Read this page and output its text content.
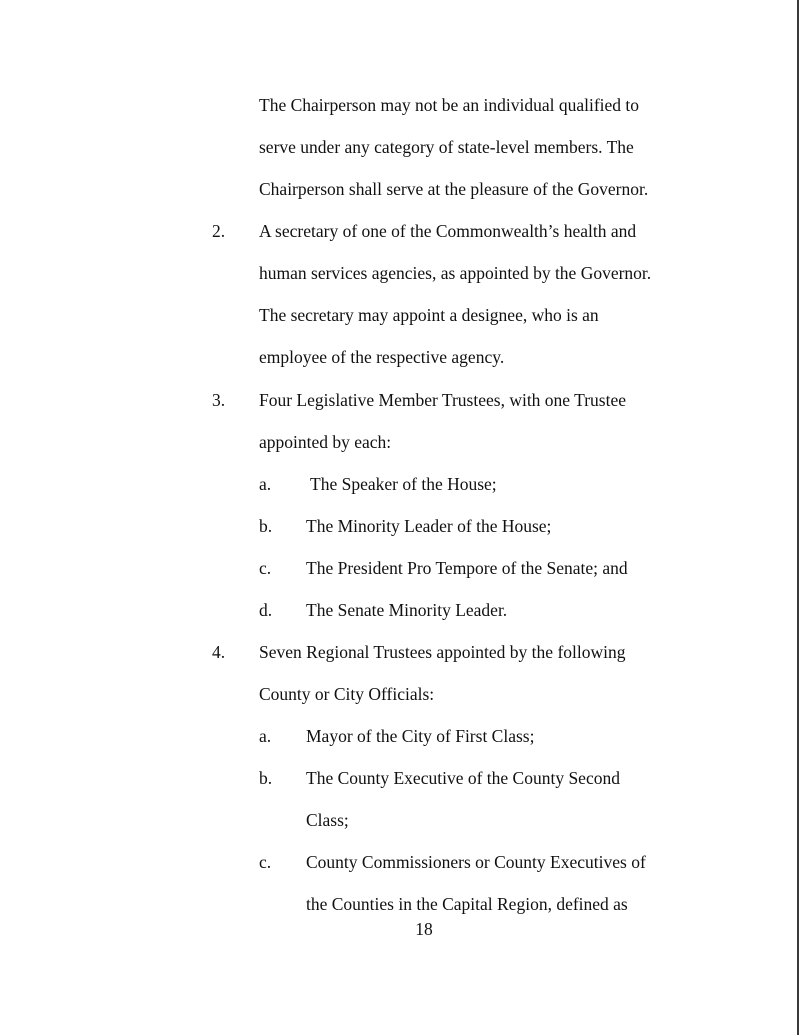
The Chairperson may not be an individual qualified to
serve under any category of state-level members. The
Chairperson shall serve at the pleasure of the Governor.
2. A secretary of one of the Commonwealth’s health and
human services agencies, as appointed by the Governor.
The secretary may appoint a designee, who is an
employee of the respective agency.
3. Four Legislative Member Trustees, with one Trustee
appointed by each:
a. The Speaker of the House;
b. The Minority Leader of the House;
c. The President Pro Tempore of the Senate; and
d. The Senate Minority Leader.
4. Seven Regional Trustees appointed by the following
County or City Officials:
a. Mayor of the City of First Class;
b. The County Executive of the County Second
Class;
c. County Commissioners or County Executives of
the Counties in the Capital Region, defined as
18
